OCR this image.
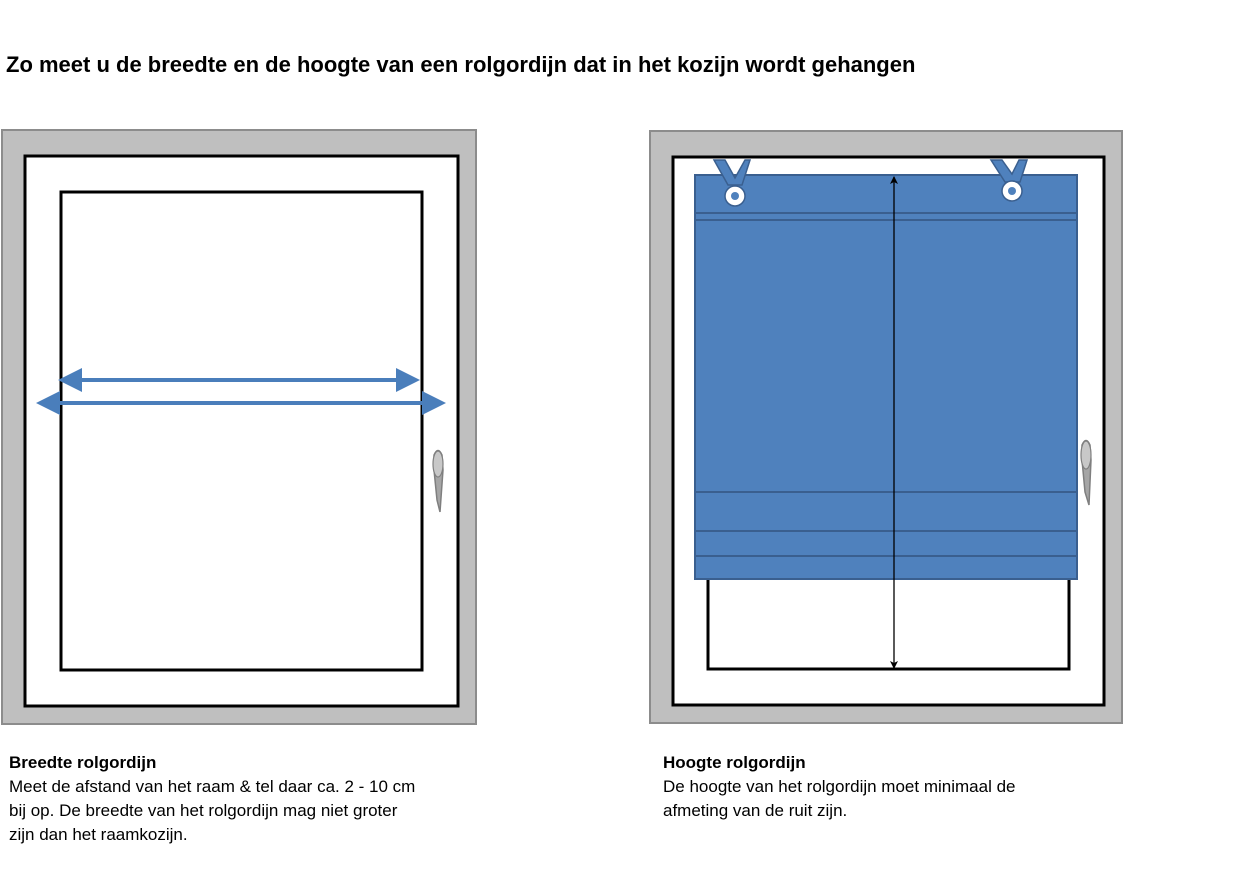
Zo meet u de breedte en de hoogte van een rolgordijn dat in het kozijn wordt gehangen
Breedte rolgordijn
Meet de afstand van het raam & tel daar ca. 2 - 10 cm
bij op. De breedte van het rolgordijn mag niet groter
zijn dan het raamkozijn.
Hoogte rolgordijn
De hoogte van het rolgordijn moet minimaal de
afmeting van de ruit zijn.
